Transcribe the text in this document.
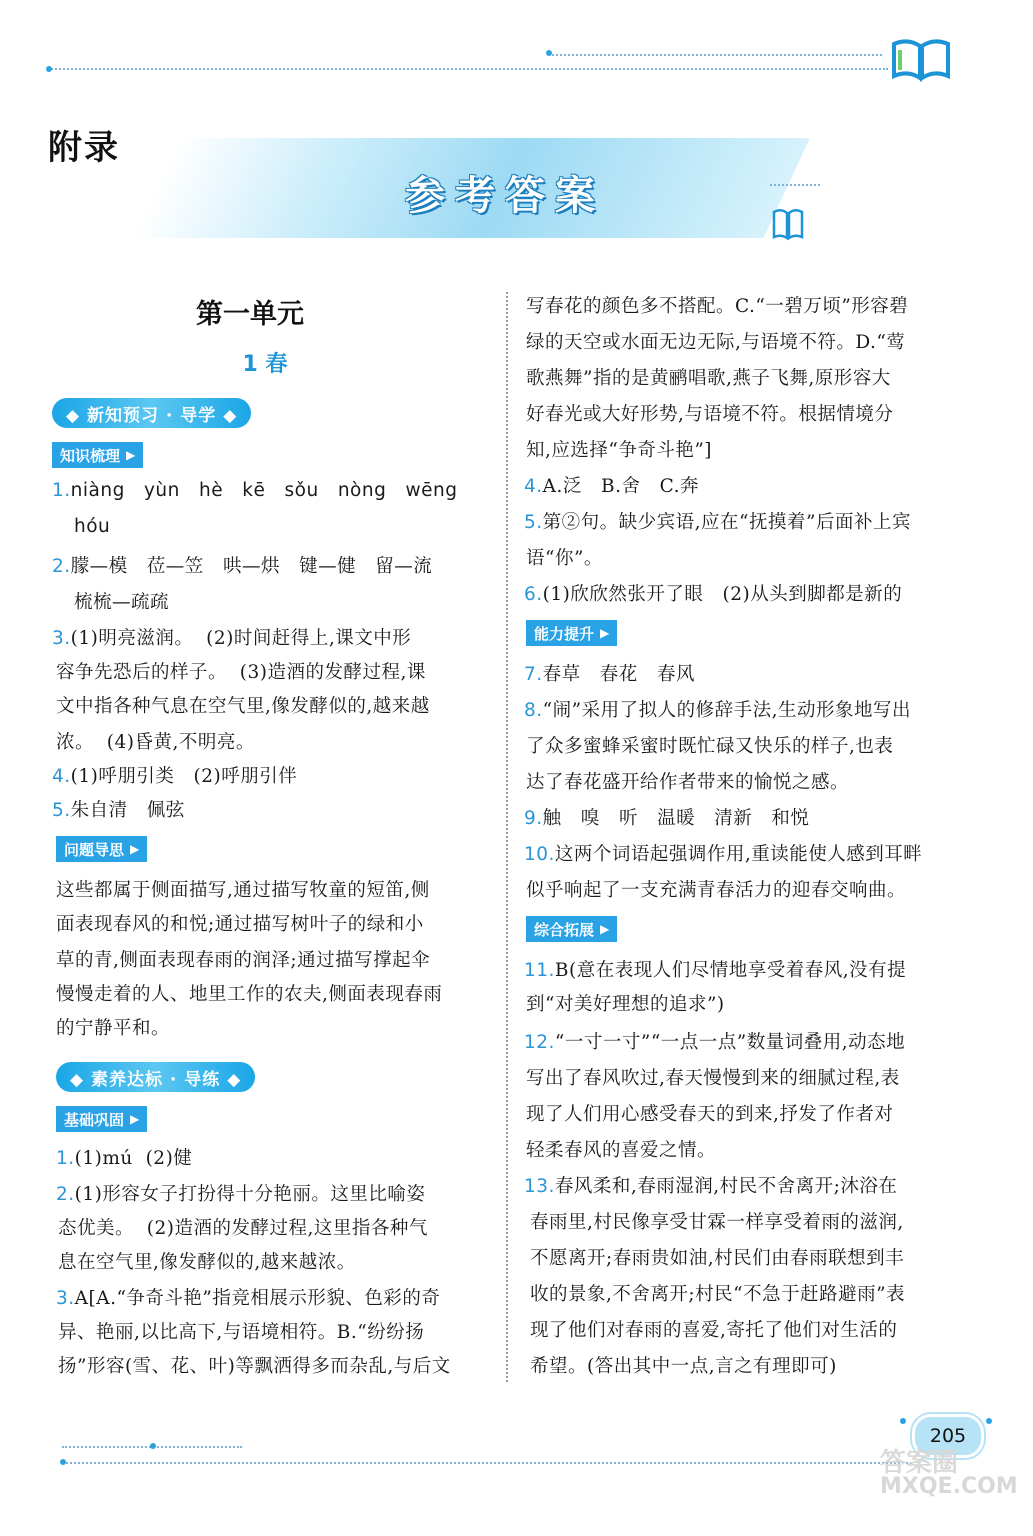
附录
参考答案
第一单元
1 春
◆ 新知预习 · 导学 ◆
知识梳理 ▶
1.niàng   yùn   hè   kē   sǒu   nòng   wēng
hóu
2.朦—模   莅—笠   哄—烘   键—健   留—流
梳梳—疏疏
3.(1)明亮滋润。  (2)时间赶得上,课文中形
容争先恐后的样子。  (3)造酒的发酵过程,课
文中指各种气息在空气里,像发酵似的,越来越
浓。  (4)昏黄,不明亮。
4.(1)呼朋引类   (2)呼朋引伴
5.朱自清   佩弦
问题导思 ▶
这些都属于侧面描写,通过描写牧童的短笛,侧
面表现春风的和悦;通过描写树叶子的绿和小
草的青,侧面表现春雨的润泽;通过描写撑起伞
慢慢走着的人、地里工作的农夫,侧面表现春雨
的宁静平和。
◆ 素养达标 · 导练 ◆
基础巩固 ▶
1.(1)mú  (2)健
2.(1)形容女子打扮得十分艳丽。这里比喻姿
态优美。  (2)造酒的发酵过程,这里指各种气
息在空气里,像发酵似的,越来越浓。
3.A[A.“争奇斗艳”指竞相展示形貌、色彩的奇
异、艳丽,以比高下,与语境相符。B.“纷纷扬
扬”形容(雪、花、叶)等飘洒得多而杂乱,与后文
写春花的颜色多不搭配。C.“一碧万顷”形容碧
绿的天空或水面无边无际,与语境不符。D.“莺
歌燕舞”指的是黄鹂唱歌,燕子飞舞,原形容大
好春光或大好形势,与语境不符。根据情境分
知,应选择“争奇斗艳”]
4.A.泛   B.舍   C.奔
5.第②句。缺少宾语,应在“抚摸着”后面补上宾
语“你”。
6.(1)欣欣然张开了眼   (2)从头到脚都是新的
能力提升 ▶
7.春草   春花   春风
8.“闹”采用了拟人的修辞手法,生动形象地写出
了众多蜜蜂采蜜时既忙碌又快乐的样子,也表
达了春花盛开给作者带来的愉悦之感。
9.触   嗅   听   温暖   清新   和悦
10.这两个词语起强调作用,重读能使人感到耳畔
似乎响起了一支充满青春活力的迎春交响曲。
综合拓展 ▶
11.B(意在表现人们尽情地享受着春风,没有提
到“对美好理想的追求”)
12.“一寸一寸”“一点一点”数量词叠用,动态地
写出了春风吹过,春天慢慢到来的细腻过程,表
现了人们用心感受春天的到来,抒发了作者对
轻柔春风的喜爱之情。
13.春风柔和,春雨湿润,村民不舍离开;沐浴在
春雨里,村民像享受甘霖一样享受着雨的滋润,
不愿离开;春雨贵如油,村民们由春雨联想到丰
收的景象,不舍离开;村民“不急于赶路避雨”表
现了他们对春雨的喜爱,寄托了他们对生活的
希望。(答出其中一点,言之有理即可)
205
答案圈
MXQE.COM
